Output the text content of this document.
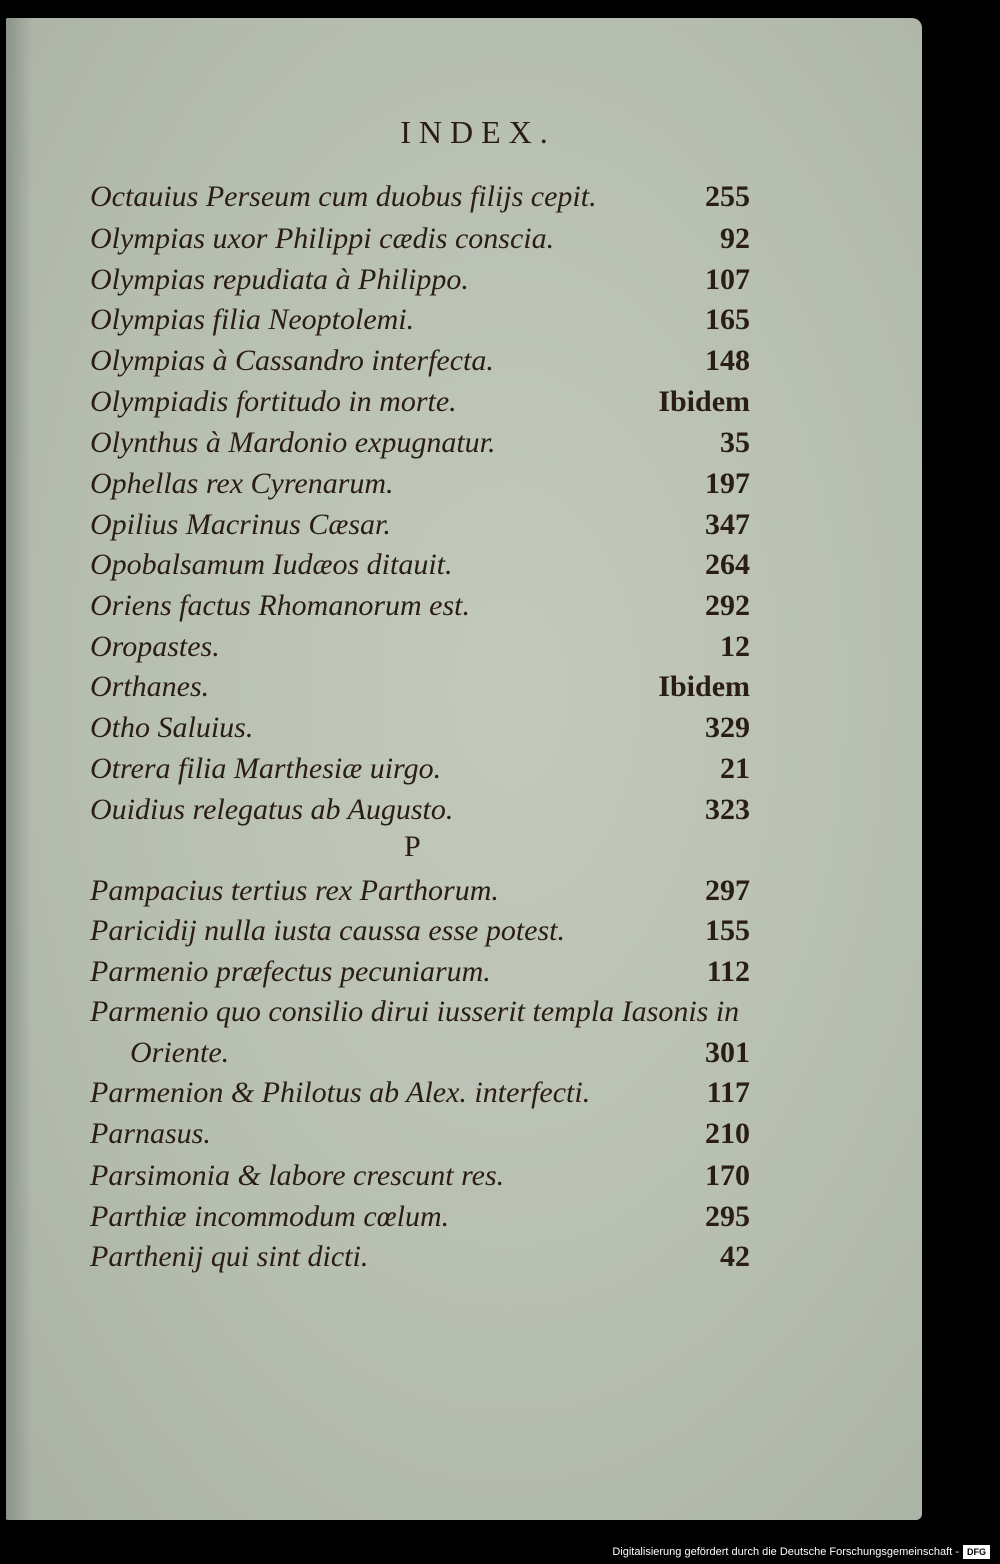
INDEX.
Octauius Perseum cum duobus filijs cepit.	255
Olympias uxor Philippi cædis conscia.	92
Olympias repudiata à Philippo.	107
Olympias filia Neoptolemi.	165
Olympias à Cassandro interfecta.	148
Olympiadis fortitudo in morte.	Ibidem
Olynthus à Mardonio expugnatur.	35
Ophellas rex Cyrenarum.	197
Opilius Macrinus Cæsar.	347
Opobalsamum Iudæos ditauit.	264
Oriens factus Rhomanorum est.	292
Oropastes.	12
Orthanes.	Ibidem
Otho Saluius.	329
Otrera filia Marthesiæ uirgo.	21
Ouidius relegatus ab Augusto.	323
P
Pampacius tertius rex Parthorum.	297
Paricidij nulla iusta caussa esse potest.	155
Parmenio præfectus pecuniarum.	112
Parmenio quo consilio dirui iusserit templa Iasonis in
Oriente.	301
Parmenion & Philotus ab Alex. interfecti.	117
Parnasus.	210
Parsimonia & labore crescunt res.	170
Parthiæ incommodum cœlum.	295
Parthenij qui sint dicti.	42
Digitalisierung gefördert durch die Deutsche Forschungsgemeinschaft - DFG
